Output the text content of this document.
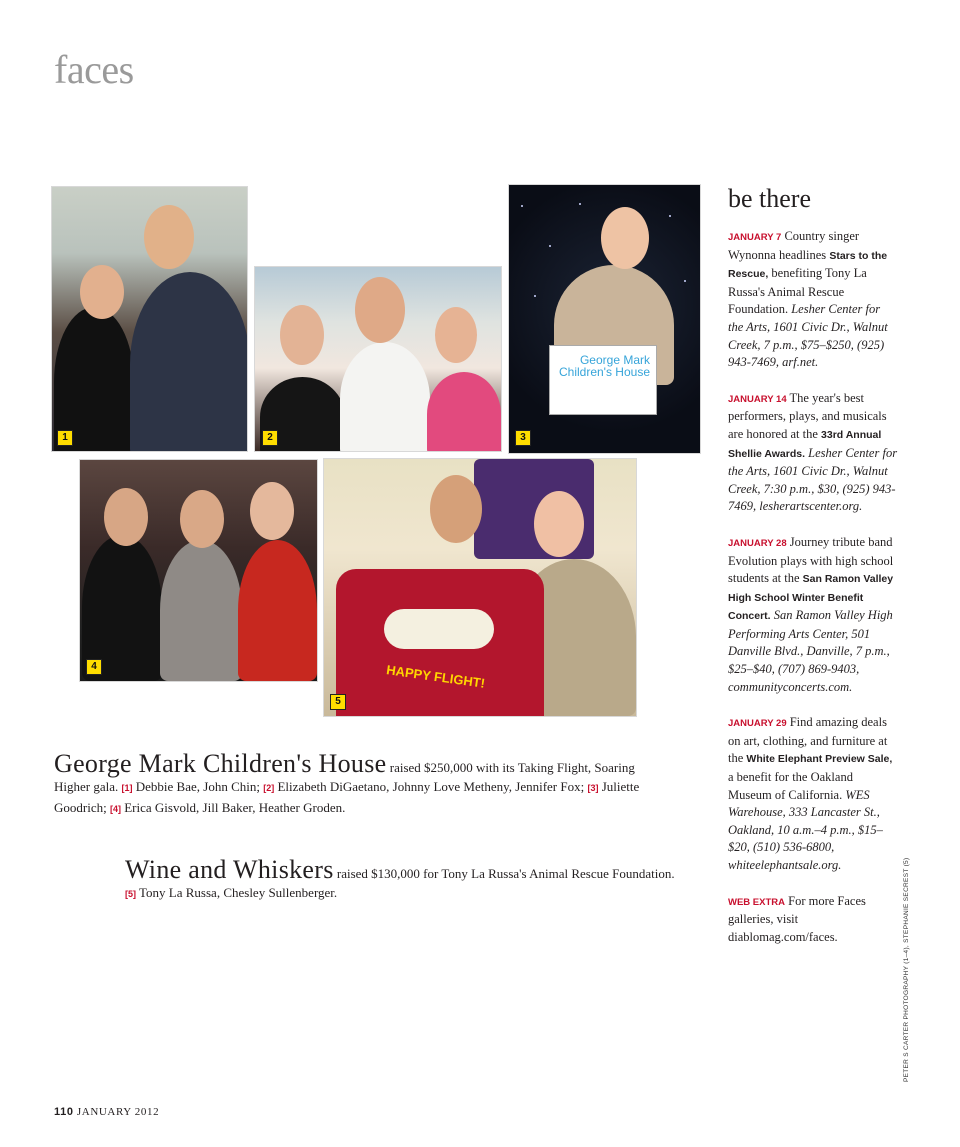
faces
George Mark Children's House
HAPPY FLIGHT!
1	2	3
4
5
George Mark Children's House raised $250,000 with its Taking Flight, Soaring Higher gala. [1] Debbie Bae, John Chin; [2] Elizabeth DiGaetano, Johnny Love Metheny, Jennifer Fox; [3] Juliette Goodrich; [4] Erica Gisvold, Jill Baker, Heather Groden.
Wine and Whiskers raised $130,000 for Tony La Russa's Animal Rescue Foundation. [5] Tony La Russa, Chesley Sullenberger.
be there

JANUARY 7 Country singer Wynonna headlines Stars to the Rescue, benefiting Tony La Russa's Animal Rescue Foundation. Lesher Center for the Arts, 1601 Civic Dr., Walnut Creek, 7 p.m., $75–$250, (925) 943-7469, arf.net.

JANUARY 14 The year's best performers, plays, and musicals are honored at the 33rd Annual Shellie Awards. Lesher Center for the Arts, 1601 Civic Dr., Walnut Creek, 7:30 p.m., $30, (925) 943-7469, lesherartscenter.org.

JANUARY 28 Journey tribute band Evolution plays with high school students at the San Ramon Valley High School Winter Benefit Concert. San Ramon Valley High Performing Arts Center, 501 Danville Blvd., Danville, 7 p.m., $25–$40, (707) 869-9403, communityconcerts.com.

JANUARY 29 Find amazing deals on art, clothing, and furniture at the White Elephant Preview Sale, a benefit for the Oakland Museum of California. WES Warehouse, 333 Lancaster St., Oakland, 10 a.m.–4 p.m., $15–$20, (510) 536-6800, whiteelephantsale.org.

WEB EXTRA For more Faces galleries, visit diablomag.com/faces.	PETER S CARTER PHOTOGRAPHY (1–4), STEPHANIE SECREST (5)
110 JANUARY 2012
